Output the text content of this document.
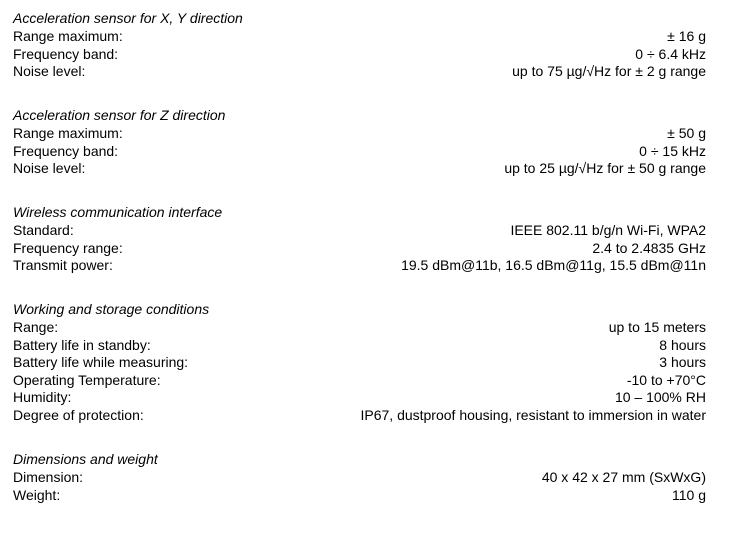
Acceleration sensor for X, Y direction
Range maximum:	± 16 g
Frequency band:	0 ÷ 6.4 kHz
Noise level:	up to 75 µg/√Hz for ± 2 g range
Acceleration sensor for Z direction
Range maximum:	± 50 g
Frequency band:	0 ÷ 15 kHz
Noise level:	up to 25 µg/√Hz for ± 50 g range
Wireless communication interface
Standard:	IEEE 802.11 b/g/n Wi-Fi, WPA2
Frequency range:	2.4 to 2.4835 GHz
Transmit power:	19.5 dBm@11b, 16.5 dBm@11g, 15.5 dBm@11n
Working and storage conditions
Range:	up to 15 meters
Battery life in standby:	8 hours
Battery life while measuring:	3 hours
Operating Temperature:	-10 to +70°C
Humidity:	10 – 100% RH
Degree of protection:	IP67, dustproof housing, resistant to immersion in water
Dimensions and weight
Dimension:	40 x 42 x 27 mm (SxWxG)
Weight:	110 g
